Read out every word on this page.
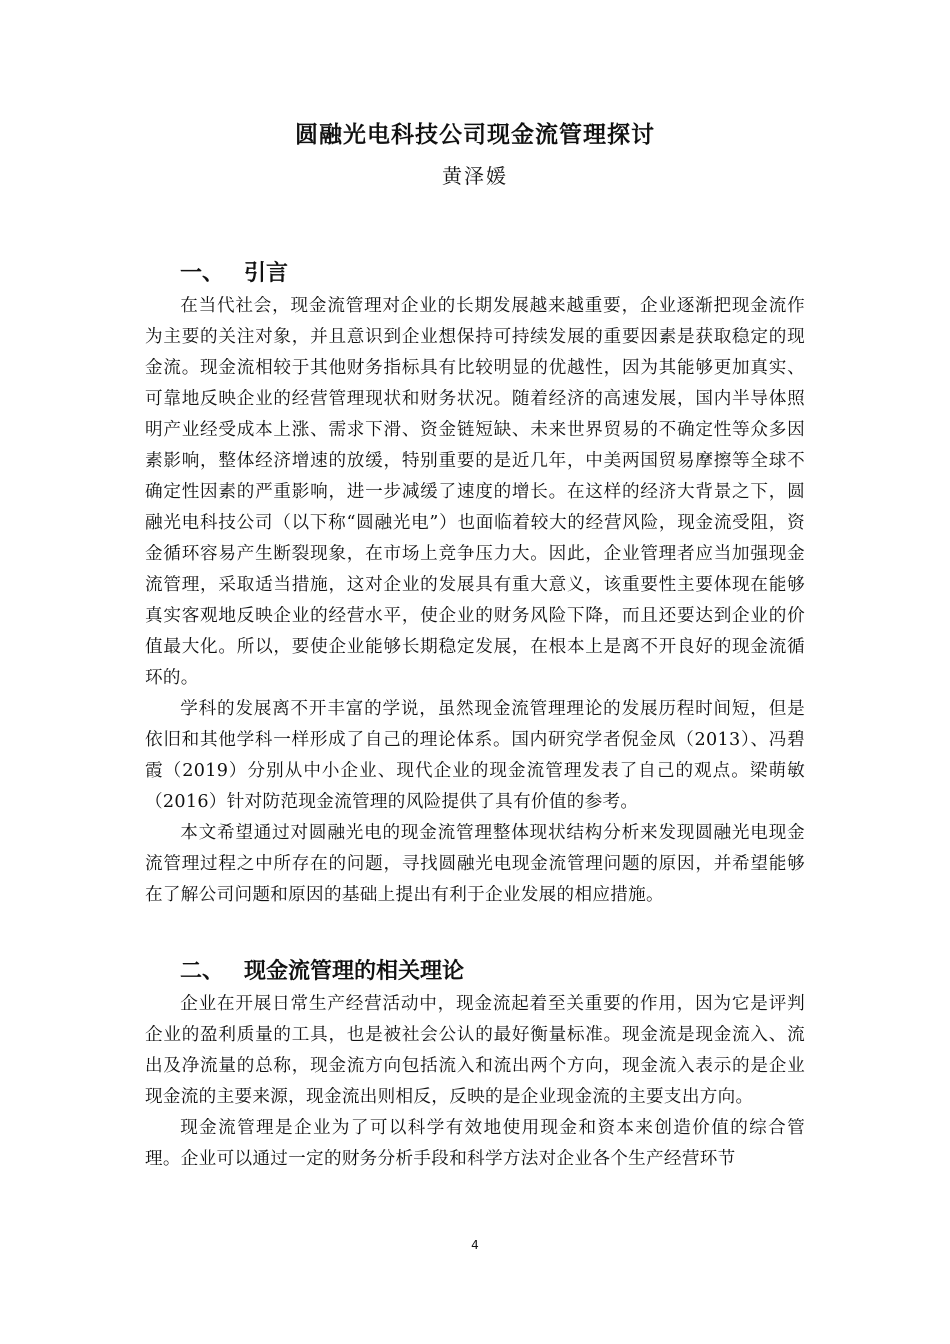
圆融光电科技公司现金流管理探讨
黄泽媛
一、 引言

在当代社会，现金流管理对企业的长期发展越来越重要，企业逐渐把现金流作为主要的关注对象，并且意识到企业想保持可持续发展的重要因素是获取稳定的现金流。现金流相较于其他财务指标具有比较明显的优越性，因为其能够更加真实、可靠地反映企业的经营管理现状和财务状况。随着经济的高速发展，国内半导体照明产业经受成本上涨、需求下滑、资金链短缺、未来世界贸易的不确定性等众多因素影响，整体经济增速的放缓，特别重要的是近几年，中美两国贸易摩擦等全球不确定性因素的严重影响，进一步减缓了速度的增长。在这样的经济大背景之下，圆融光电科技公司（以下称“圆融光电”）也面临着较大的经营风险，现金流受阻，资金循环容易产生断裂现象，在市场上竞争压力大。因此，企业管理者应当加强现金流管理，采取适当措施，这对企业的发展具有重大意义，该重要性主要体现在能够真实客观地反映企业的经营水平，使企业的财务风险下降，而且还要达到企业的价值最大化。所以，要使企业能够长期稳定发展，在根本上是离不开良好的现金流循环的。

学科的发展离不开丰富的学说，虽然现金流管理理论的发展历程时间短，但是依旧和其他学科一样形成了自己的理论体系。国内研究学者倪金凤（2013）、冯碧霞（2019）分别从中小企业、现代企业的现金流管理发表了自己的观点。梁萌敏（2016）针对防范现金流管理的风险提供了具有价值的参考。

本文希望通过对圆融光电的现金流管理整体现状结构分析来发现圆融光电现金流管理过程之中所存在的问题，寻找圆融光电现金流管理问题的原因，并希望能够在了解公司问题和原因的基础上提出有利于企业发展的相应措施。

二、 现金流管理的相关理论

企业在开展日常生产经营活动中，现金流起着至关重要的作用，因为它是评判企业的盈利质量的工具，也是被社会公认的最好衡量标准。现金流是现金流入、流出及净流量的总称，现金流方向包括流入和流出两个方向，现金流入表示的是企业现金流的主要来源，现金流出则相反，反映的是企业现金流的主要支出方向。

现金流管理是企业为了可以科学有效地使用现金和资本来创造价值的综合管理。企业可以通过一定的财务分析手段和科学方法对企业各个生产经营环节

4
